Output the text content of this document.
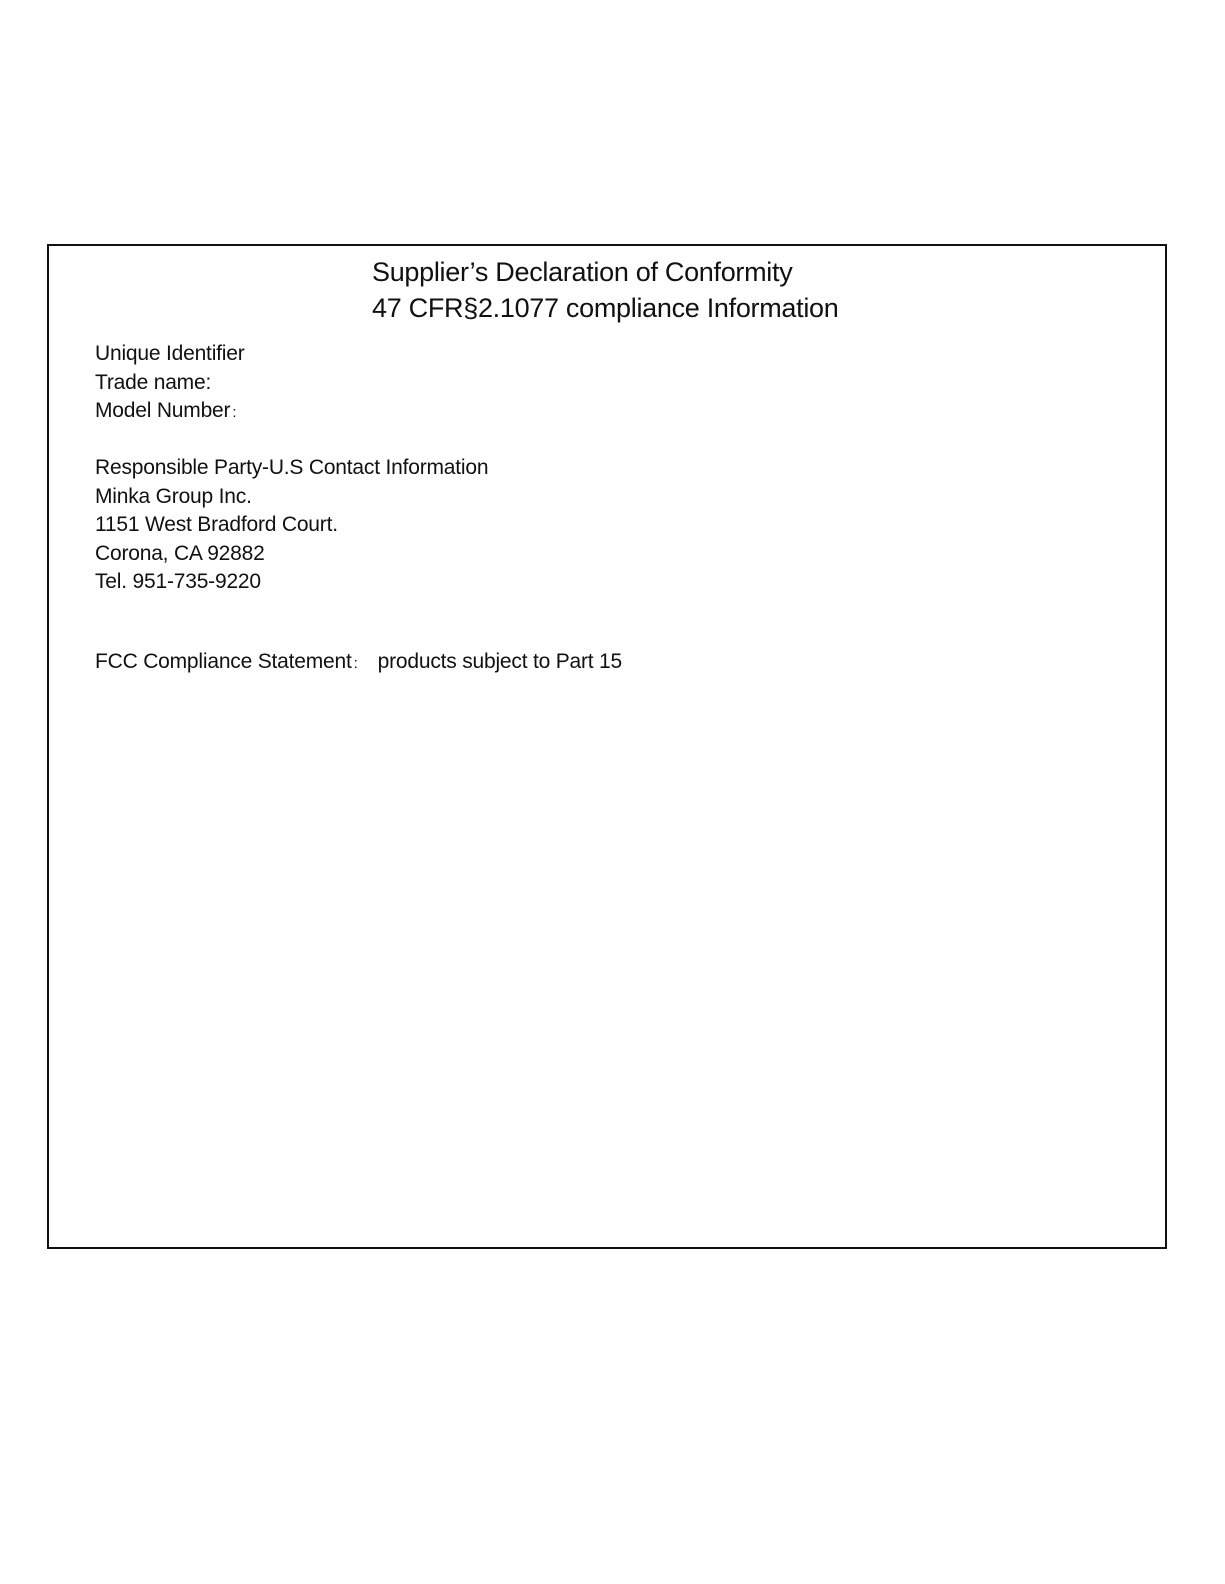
Supplier’s Declaration of Conformity
47 CFR§2.1077 compliance Information
Unique Identifier
Trade name:
Model Number :
Responsible Party-U.S Contact Information
Minka Group Inc.
1151 West Bradford Court.
Corona, CA 92882
Tel. 951-735-9220
FCC Compliance Statement : products subject to Part 15
